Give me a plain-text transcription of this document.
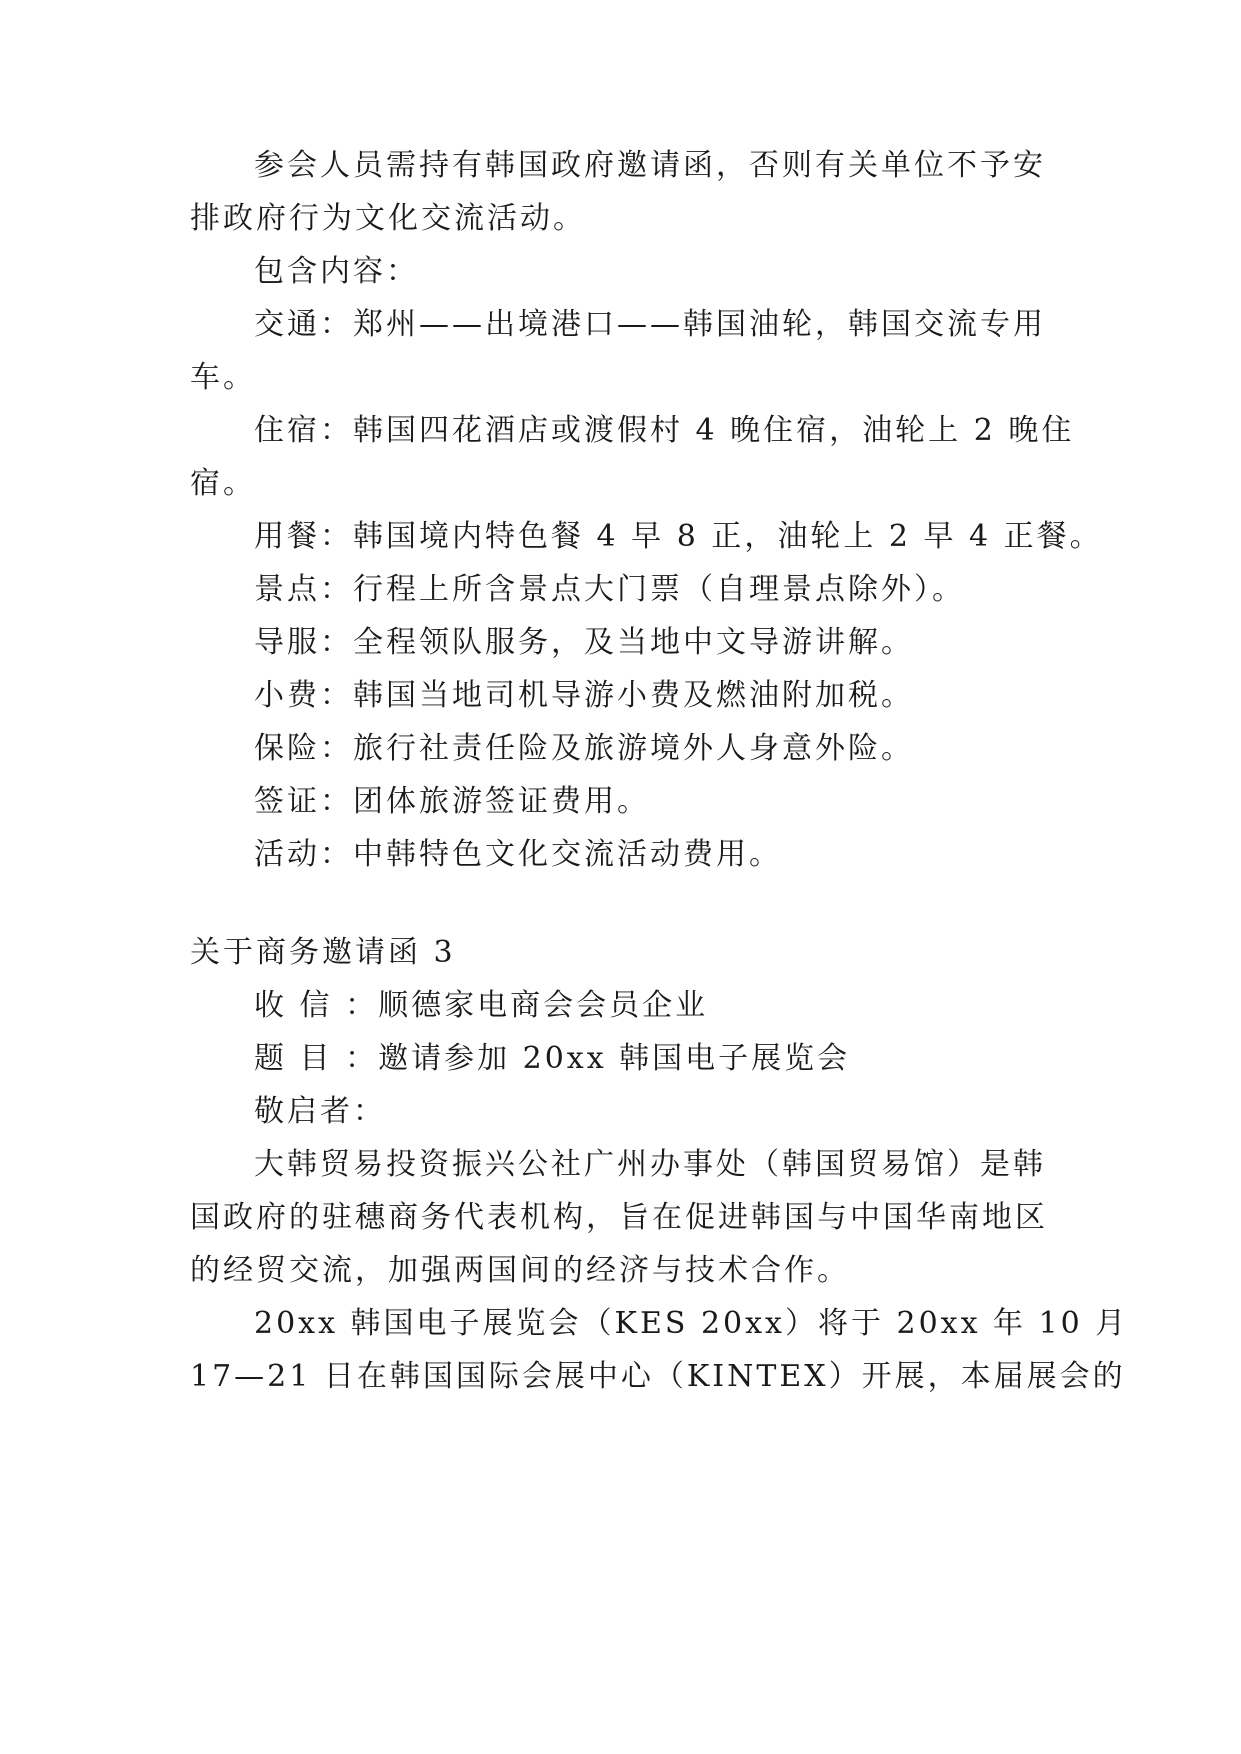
参会人员需持有韩国政府邀请函，否则有关单位不予安
排政府行为文化交流活动。
包含内容：
交通：郑州——出境港口——韩国油轮，韩国交流专用
车。
住宿：韩国四花酒店或渡假村 4 晚住宿，油轮上 2 晚住
宿。
用餐：韩国境内特色餐 4 早 8 正，油轮上 2 早 4 正餐。
景点：行程上所含景点大门票（自理景点除外）。
导服：全程领队服务，及当地中文导游讲解。
小费：韩国当地司机导游小费及燃油附加税。
保险：旅行社责任险及旅游境外人身意外险。
签证：团体旅游签证费用。
活动：中韩特色文化交流活动费用。
关于商务邀请函 3
收 信 ：顺德家电商会会员企业
题 目 ：邀请参加 20xx 韩国电子展览会
敬启者：
大韩贸易投资振兴公社广州办事处（韩国贸易馆）是韩
国政府的驻穗商务代表机构，旨在促进韩国与中国华南地区
的经贸交流，加强两国间的经济与技术合作。
20xx 韩国电子展览会（KES 20xx）将于 20xx 年 10 月
17—21 日在韩国国际会展中心（KINTEX）开展，本届展会的
